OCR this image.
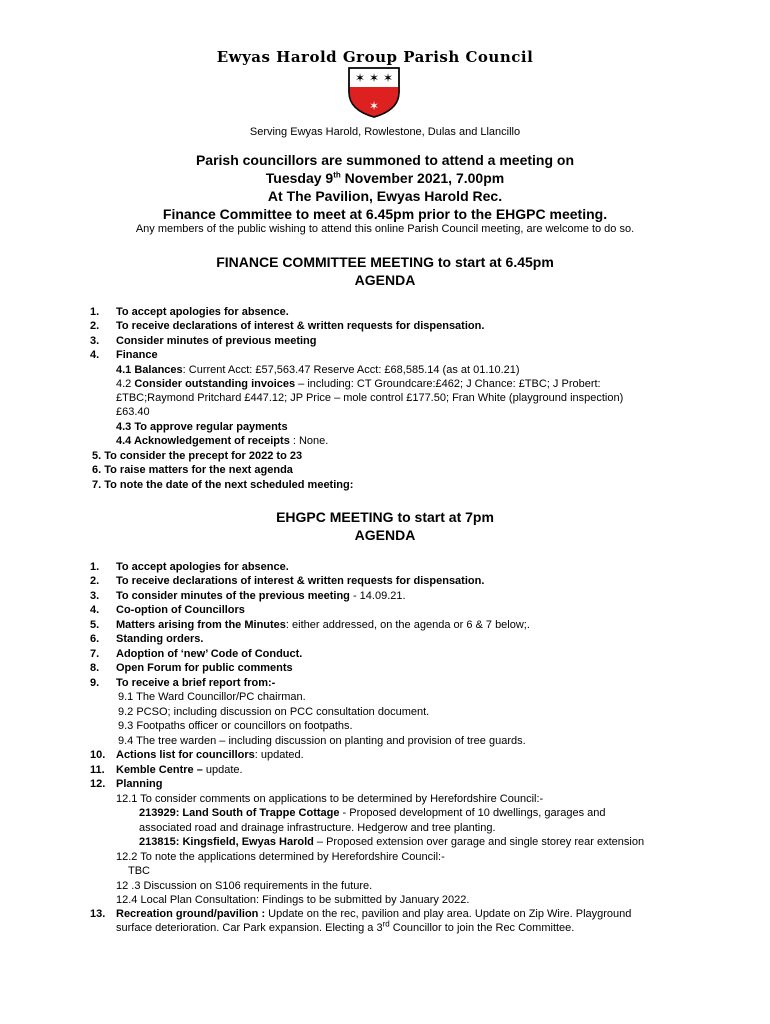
Ewyas Harold Group Parish Council
✶ ✶ ✶
✶
Serving Ewyas Harold, Rowlestone, Dulas and Llancillo
Parish councillors are summoned to attend a meeting on
Tuesday 9th November 2021, 7.00pm
At The Pavilion, Ewyas Harold Rec.
Finance Committee to meet at 6.45pm prior to the EHGPC meeting.
Any members of the public wishing to attend this online Parish Council meeting, are welcome to do so.
FINANCE COMMITTEE MEETING to start at 6.45pm
AGENDA
1. To accept apologies for absence.
2. To receive declarations of interest & written requests for dispensation.
3. Consider minutes of previous meeting
4. Finance
4.1 Balances: Current Acct: £57,563.47 Reserve Acct: £68,585.14 (as at 01.10.21)
4.2 Consider outstanding invoices – including: CT Groundcare:£462; J Chance: £TBC; J Probert:
£TBC;Raymond Pritchard £447.12; JP Price – mole control £177.50; Fran White (playground inspection)
£63.40
4.3 To approve regular payments
4.4 Acknowledgement of receipts : None.
5. To consider the precept for 2022 to 23
6. To raise matters for the next agenda
7. To note the date of the next scheduled meeting:
EHGPC MEETING to start at 7pm
AGENDA
1. To accept apologies for absence.
2. To receive declarations of interest & written requests for dispensation.
3. To consider minutes of the previous meeting - 14.09.21.
4. Co-option of Councillors
5. Matters arising from the Minutes: either addressed, on the agenda or 6 & 7 below;.
6. Standing orders.
7. Adoption of ‘new’ Code of Conduct.
8. Open Forum for public comments
9. To receive a brief report from:-
9.1 The Ward Councillor/PC chairman.
9.2 PCSO; including discussion on PCC consultation document.
9.3 Footpaths officer or councillors on footpaths.
9.4 The tree warden – including discussion on planting and provision of tree guards.
10. Actions list for councillors: updated.
11. Kemble Centre – update.
12. Planning
12.1 To consider comments on applications to be determined by Herefordshire Council:-
213929: Land South of Trappe Cottage - Proposed development of 10 dwellings, garages and
associated road and drainage infrastructure. Hedgerow and tree planting.
213815: Kingsfield, Ewyas Harold – Proposed extension over garage and single storey rear extension
12.2 To note the applications determined by Herefordshire Council:-
TBC
12 .3 Discussion on S106 requirements in the future.
12.4 Local Plan Consultation: Findings to be submitted by January 2022.
13. Recreation ground/pavilion : Update on the rec, pavilion and play area. Update on Zip Wire. Playground
surface deterioration. Car Park expansion. Electing a 3rd Councillor to join the Rec Committee.
